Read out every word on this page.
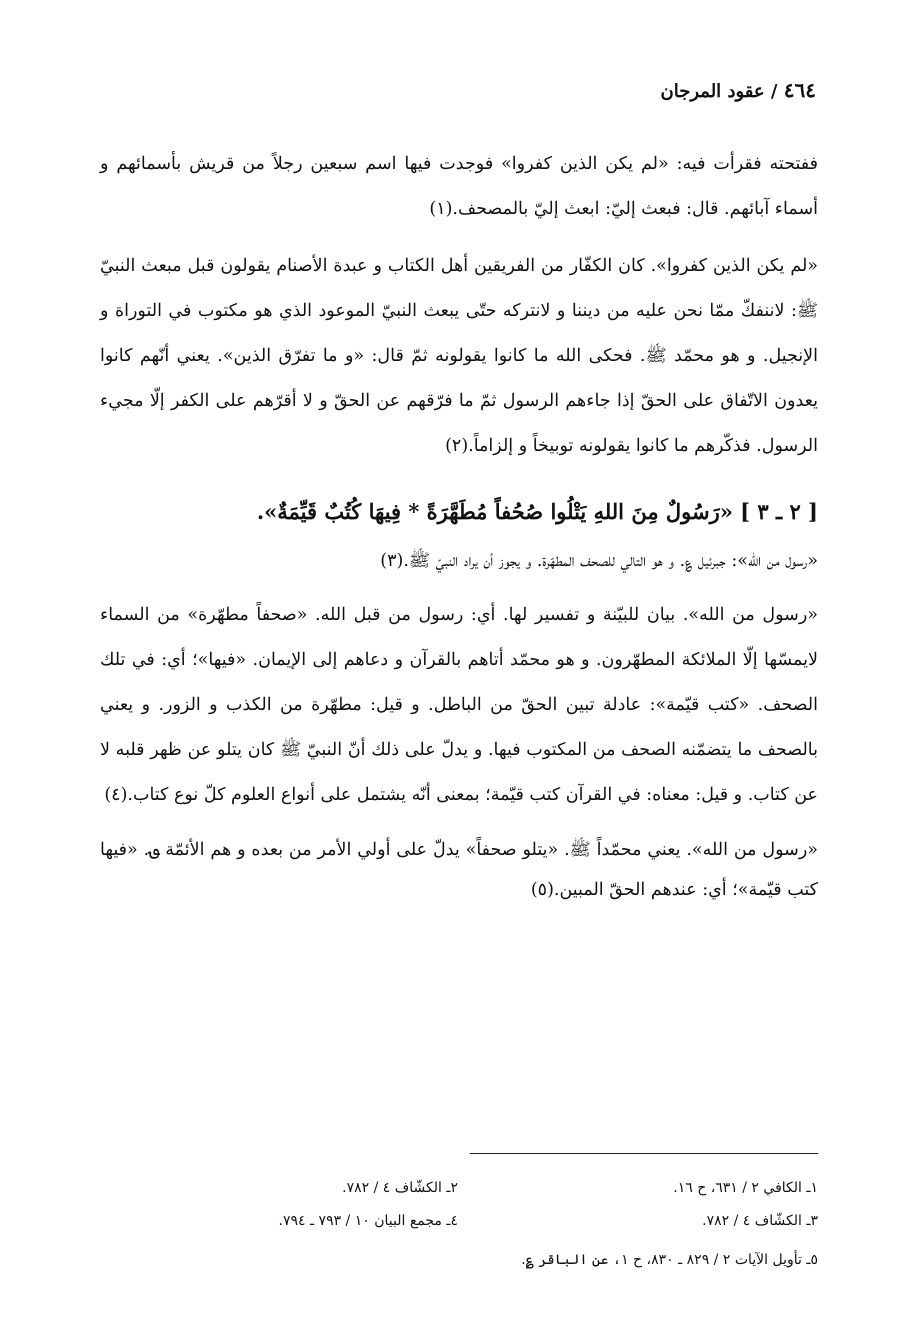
٤٦٤ / عقود المرجان

ففتحته فقرأت فيه: «لم يكن الذين كفروا» فوجدت فيها اسم سبعين رجلاً من قريش بأسمائهم و أسماء آبائهم. قال: فبعث إليّ: ابعث إليّ بالمصحف.(١)

«لم يكن الذين كفروا». كان الكفّار من الفريقين أهل الكتاب و عبدة الأصنام يقولون قبل مبعث النبيّ ﷺ: لاننفكّ ممّا نحن عليه من ديننا و لانتركه حتّى يبعث النبيّ الموعود الذي هو مكتوب في التوراة و الإنجيل. و هو محمّد ﷺ. فحكى الله ما كانوا يقولونه ثمّ قال: «و ما تفرّق الذين». يعني أنّهم كانوا يعدون الاتّفاق على الحقّ إذا جاءهم الرسول ثمّ ما فرّقهم عن الحقّ و لا أقرّهم على الكفر إلّا مجيء الرسول. فذكّرهم ما كانوا يقولونه توبيخاً و إلزاماً.(٢)

[ ٢ ـ ٣ ] «رَسُولٌ مِنَ اللهِ يَتْلُوا صُحُفاً مُطَهَّرَةً * فِيهَا كُتُبٌ قَيِّمَةٌ».

«رسول من الله»: جبرئيل ؏. و هو التالي للصحف المطهّرة. و يجوز أن يراد النبيّ ﷺ.(٣)

«رسول من الله». بيان للبيّنة و تفسير لها. أي: رسول من قبل الله. «صحفاً مطهّرة» من السماء لايمسّها إلّا الملائكة المطهّرون. و هو محمّد أتاهم بالقرآن و دعاهم إلى الإيمان. «فيها»؛ أي: في تلك الصحف. «كتب قيّمة»: عادلة تبين الحقّ من الباطل. و قيل: مطهّرة من الكذب و الزور. و يعني بالصحف ما يتضمّنه الصحف من المكتوب فيها. و يدلّ على ذلك أنّ النبيّ ﷺ كان يتلو عن ظهر قلبه لا عن كتاب. و قيل: معناه: في القرآن كتب قيّمة؛ بمعنى أنّه يشتمل على أنواع العلوم كلّ نوع كتاب.(٤)

«رسول من الله». يعني محمّداً ﷺ. «يتلو صحفاً» يدلّ على أولي الأمر من بعده و هم الأئمّة ؈. «فيها كتب قيّمة»؛ أي: عندهم الحقّ المبين.(٥)

١ـ الكافي ٢ / ٦٣١، ح ١٦.
٢ـ الكشّاف ٤ / ٧٨٢.
٣ـ الكشّاف ٤ / ٧٨٢.
٤ـ مجمع البيان ١٠ / ٧٩٣ ـ ٧٩٤.
٥ـ تأويل الآيات ٢ / ٨٢٩ ـ ٨٣٠، ح ١، عن الباقر ؏.
